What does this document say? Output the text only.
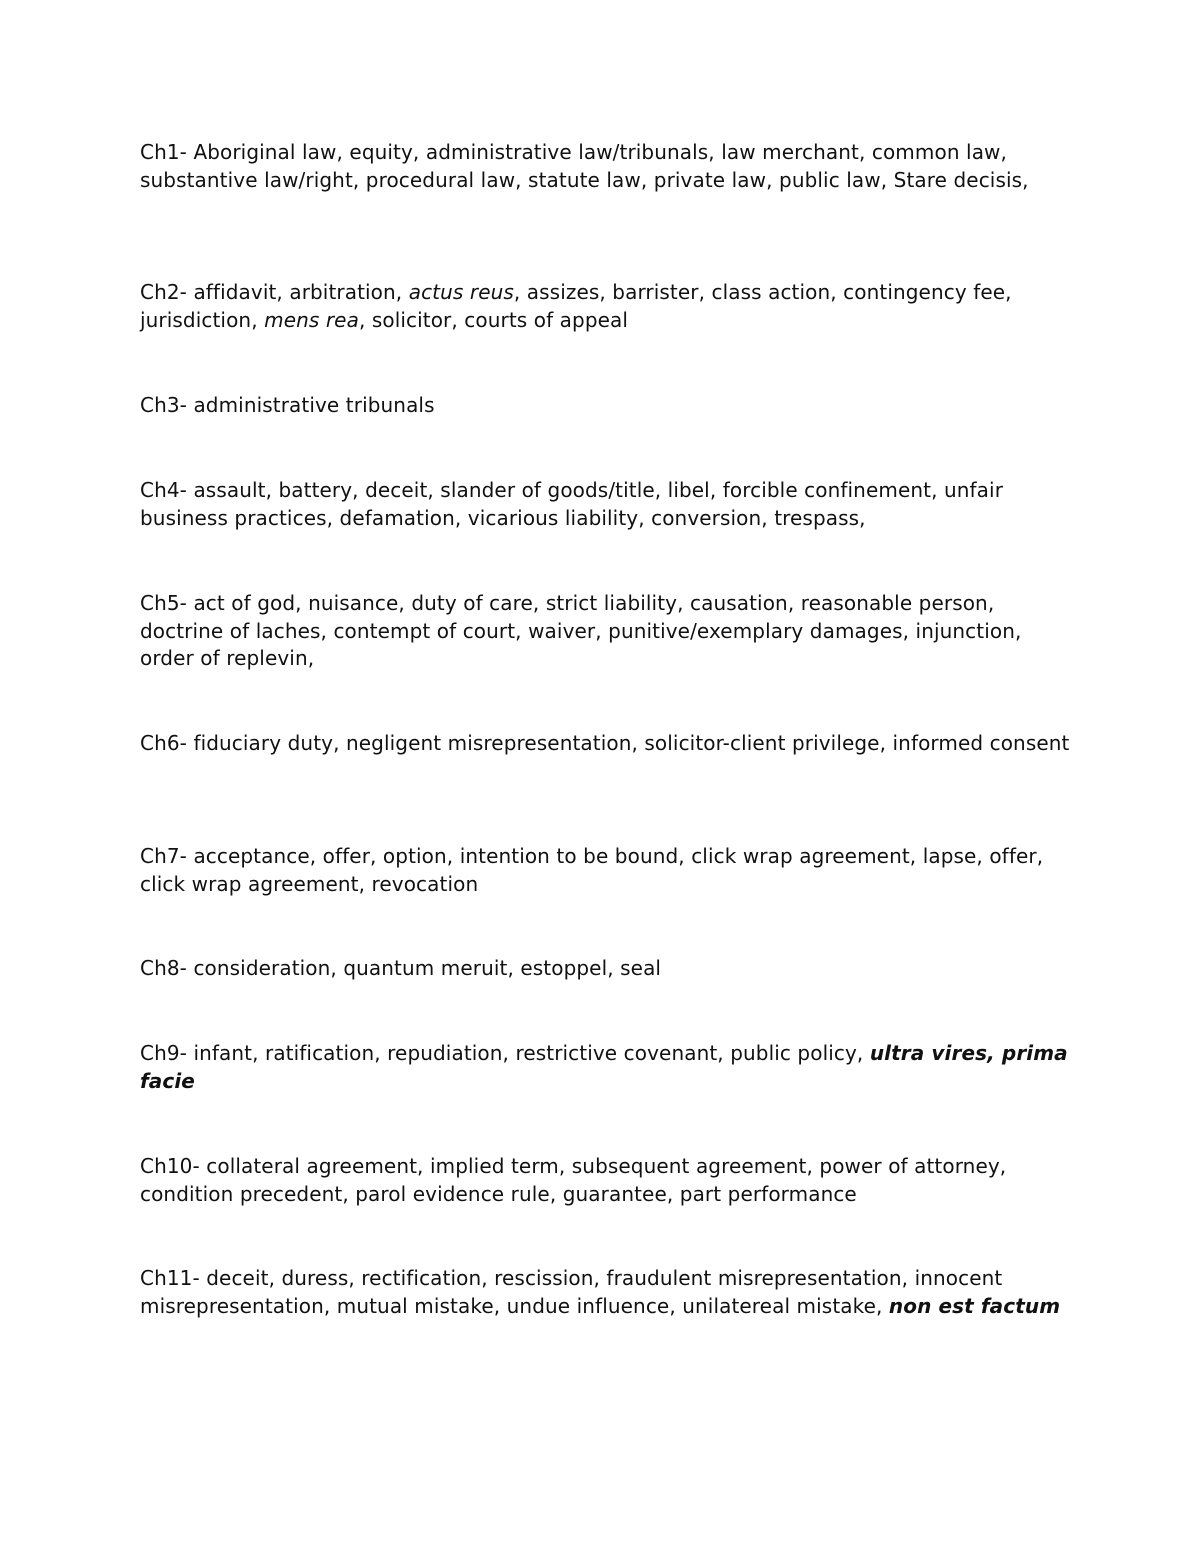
Ch1- Aboriginal law, equity, administrative law/tribunals, law merchant, common law, substantive law/right, procedural law, statute law, private law, public law, Stare decisis,

Ch2- affidavit, arbitration, actus reus, assizes, barrister, class action, contingency fee, jurisdiction, mens rea, solicitor, courts of appeal

Ch3- administrative tribunals

Ch4- assault, battery, deceit, slander of goods/title, libel, forcible confinement, unfair business practices, defamation, vicarious liability, conversion, trespass,

Ch5- act of god, nuisance, duty of care, strict liability, causation, reasonable person, doctrine of laches, contempt of court, waiver, punitive/exemplary damages, injunction, order of replevin,

Ch6- fiduciary duty, negligent misrepresentation, solicitor-client privilege, informed consent

Ch7- acceptance, offer, option, intention to be bound, click wrap agreement, lapse, offer, click wrap agreement, revocation

Ch8- consideration, quantum meruit, estoppel, seal

Ch9- infant, ratification, repudiation, restrictive covenant, public policy, ultra vires, prima facie

Ch10- collateral agreement, implied term, subsequent agreement, power of attorney, condition precedent, parol evidence rule, guarantee, part performance

Ch11- deceit, duress, rectification, rescission, fraudulent misrepresentation, innocent misrepresentation, mutual mistake, undue influence, unilatereal mistake, non est factum
